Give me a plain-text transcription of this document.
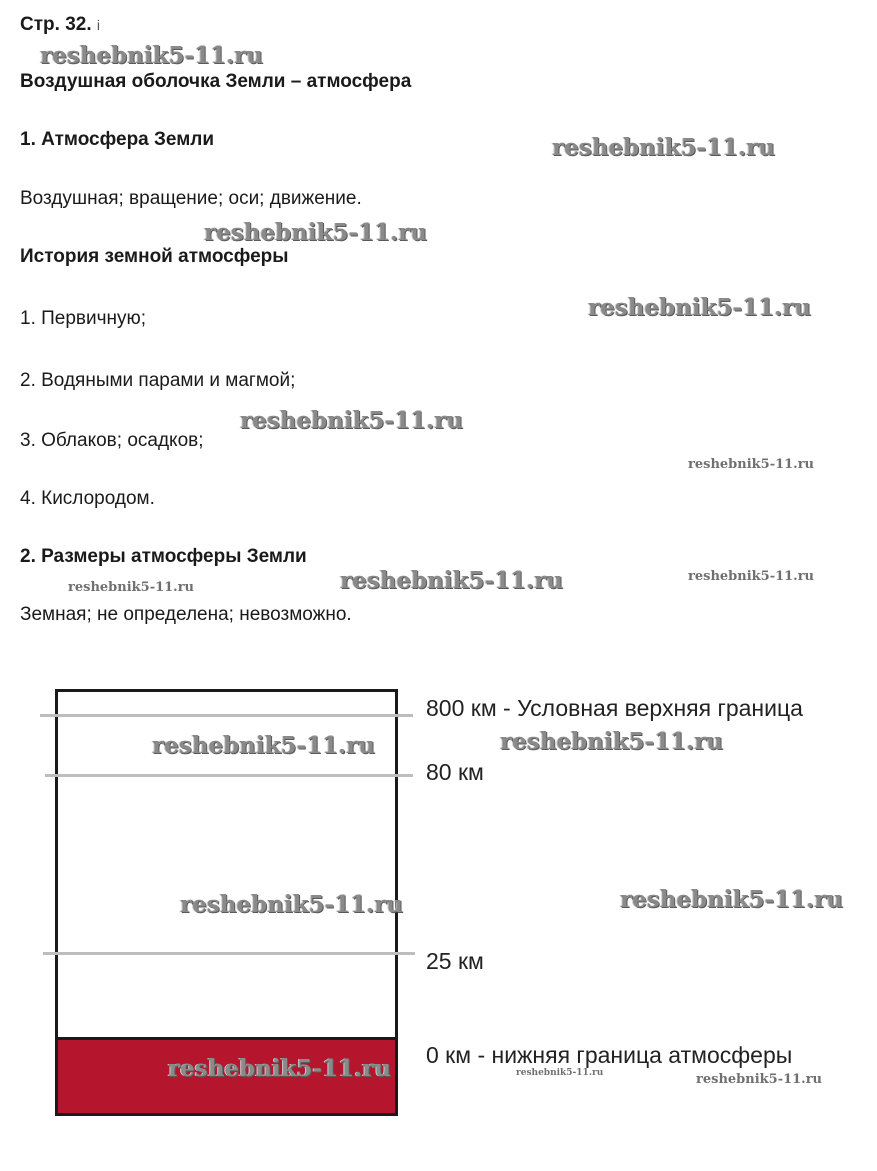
Стр. 32. і
Воздушная оболочка Земли – атмосфера
1. Атмосфера Земли
Воздушная; вращение; оси; движение.
История земной атмосферы
1. Первичную;
2. Водяными парами и магмой;
3. Облаков; осадков;
4. Кислородом.
2. Размеры атмосферы Земли
Земная; не определена; невозможно.
800 км - Условная верхняя граница
80 км
25 км
0 км - нижняя граница атмосферы
reshebnik5-11.ru
reshebnik5-11.ru
reshebnik5-11.ru
reshebnik5-11.ru
reshebnik5-11.ru
reshebnik5-11.ru
reshebnik5-11.ru
reshebnik5-11.ru
reshebnik5-11.ru
reshebnik5-11.ru	reshebnik5-11.ru
reshebnik5-11.ru	reshebnik5-11.ru
reshebnik5-11.ru	reshebnik5-11.ru	reshebnik5-11.ru
